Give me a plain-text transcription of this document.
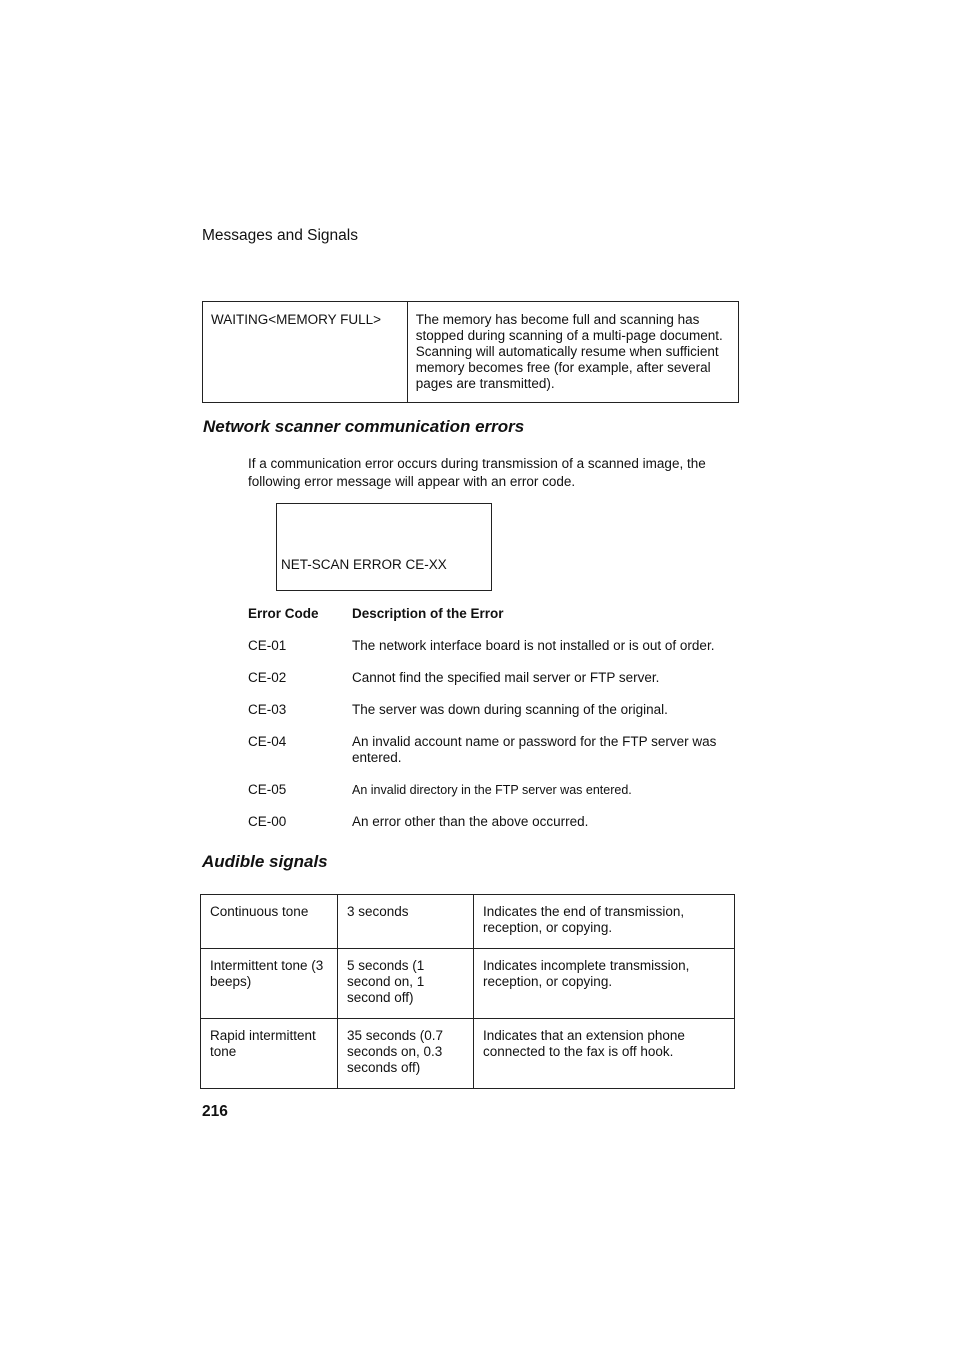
Messages and Signals
WAITING<MEMORY FULL>	The memory has become full and scanning has stopped during scanning of a multi-page document. Scanning will automatically resume when sufficient memory becomes free (for example, after several pages are transmitted).
Network scanner communication errors
If a communication error occurs during transmission of a scanned image, the following error message will appear with an error code.
NET-SCAN ERROR CE-XX
Error Code	Description of the Error
CE-01	The network interface board is not installed or is out of order.
CE-02	Cannot find the specified mail server or FTP server.
CE-03	The server was down during scanning of the original.
CE-04	An invalid account name or password for the FTP server was entered.
CE-05	An invalid directory in the FTP server was entered.
CE-00	An error other than the above occurred.
Audible signals
Continuous tone	3 seconds	Indicates the end of transmission, reception, or copying.
Intermittent tone (3 beeps)	5 seconds (1 second on, 1 second off)	Indicates incomplete transmission, reception, or copying.
Rapid intermittent tone	35 seconds (0.7 seconds on, 0.3 seconds off)	Indicates that an extension phone connected to the fax is off hook.
216
